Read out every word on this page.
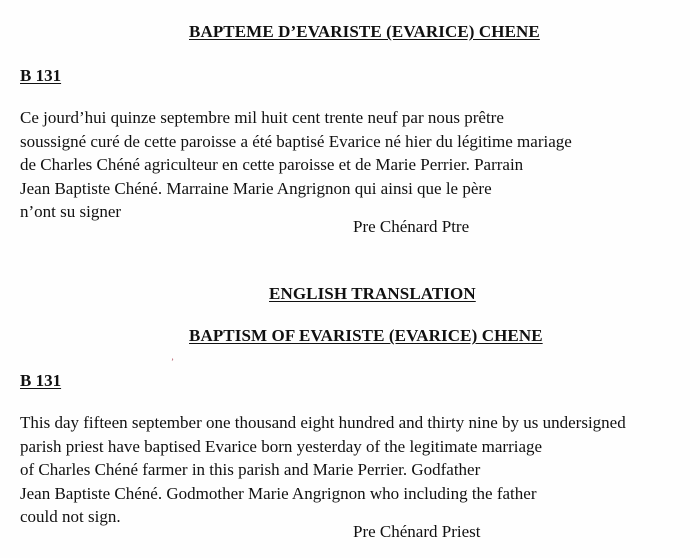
BAPTEME D’EVARISTE (EVARICE) CHENE
B 131
Ce jourd’hui quinze septembre mil huit cent trente neuf par nous prêtre
soussigné curé de cette paroisse a été baptisé Evarice né hier du légitime mariage
de Charles Chéné agriculteur en cette paroisse et de Marie Perrier. Parrain
Jean Baptiste Chéné. Marraine Marie Angrignon qui ainsi que le père
n’ont su signer
Pre Chénard Ptre
ENGLISH TRANSLATION
BAPTISM OF EVARISTE (EVARICE) CHENE
ʼ
B 131
This day fifteen september one thousand eight hundred and thirty nine by us undersigned
parish priest have baptised Evarice born yesterday of the legitimate marriage
of Charles Chéné farmer in this parish and Marie Perrier. Godfather
Jean Baptiste Chéné. Godmother Marie Angrignon who including the father
could not sign.
Pre Chénard Priest
